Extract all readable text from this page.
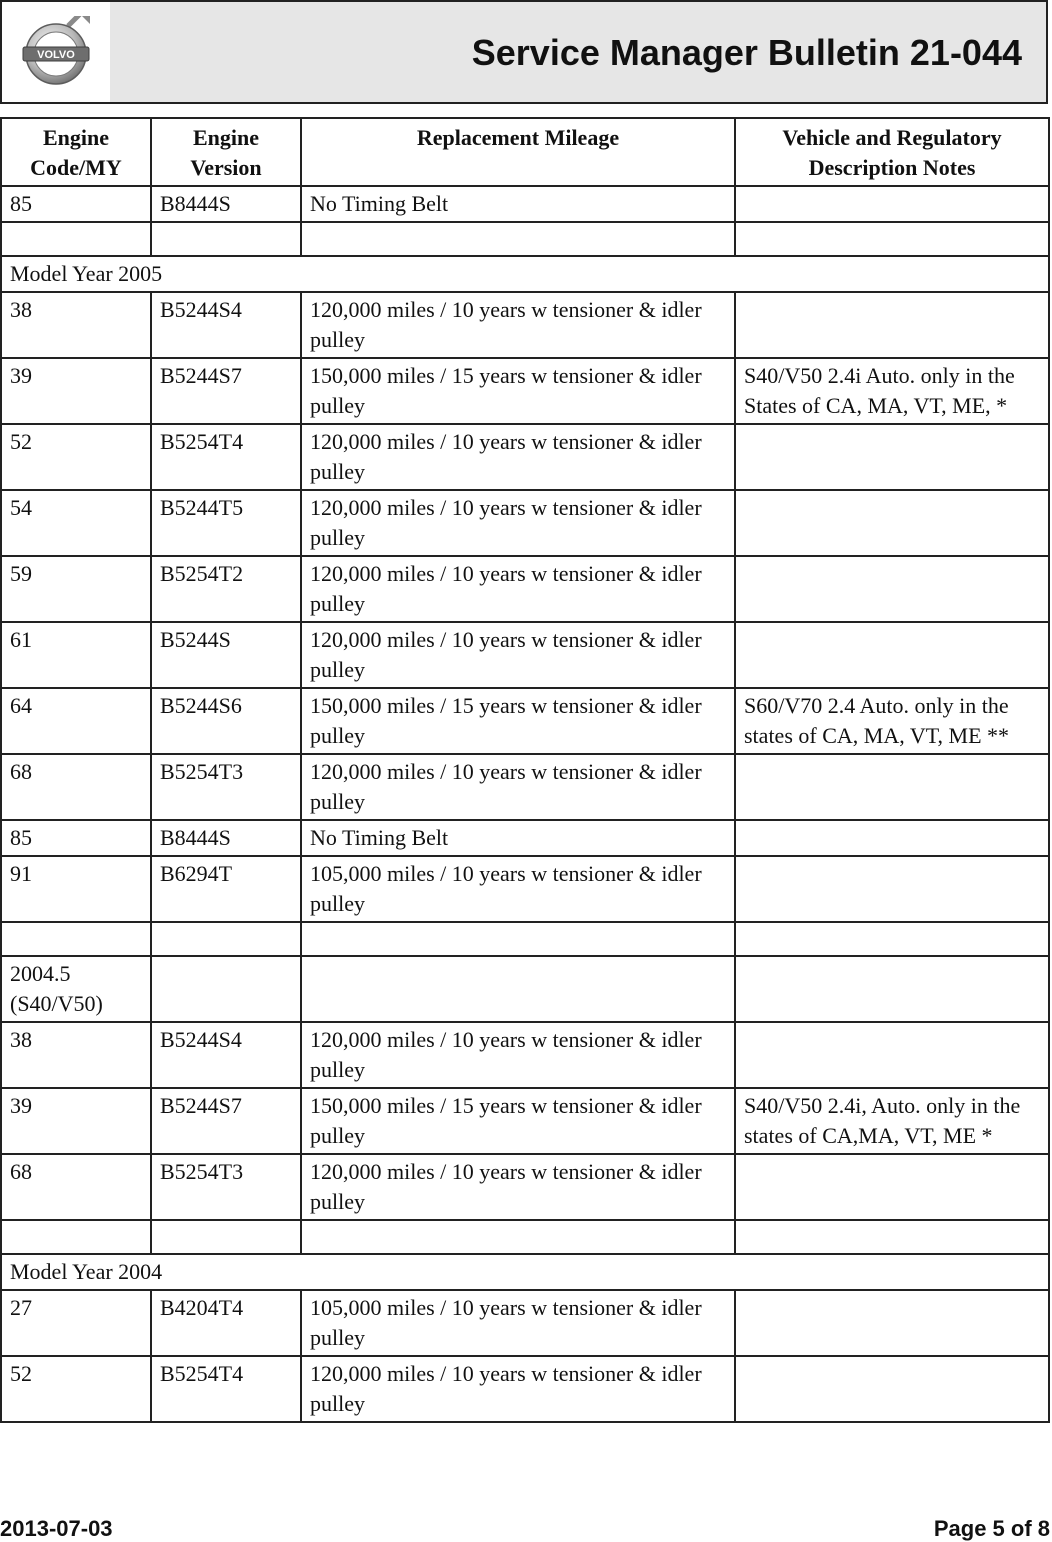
VOLVO	Service Manager Bulletin 21-044
Engine Code/MY	Engine Version	Replacement Mileage	Vehicle and Regulatory Description Notes
85	B8444S	No Timing Belt	

Model Year 2005			
38	B5244S4	120,000 miles / 10 years w tensioner & idler pulley	
39	B5244S7	150,000 miles / 15 years w tensioner & idler pulley	S40/V50 2.4i Auto. only in the States of CA, MA, VT, ME, *
52	B5254T4	120,000 miles / 10 years w tensioner & idler pulley	
54	B5244T5	120,000 miles / 10 years w tensioner & idler pulley	
59	B5254T2	120,000 miles / 10 years w tensioner & idler pulley	
61	B5244S	120,000 miles / 10 years w tensioner & idler pulley	
64	B5244S6	150,000 miles / 15 years w tensioner & idler pulley	S60/V70 2.4 Auto. only in the states of CA, MA, VT, ME **
68	B5254T3	120,000 miles / 10 years w tensioner & idler pulley	
85	B8444S	No Timing Belt	
91	B6294T	105,000 miles / 10 years w tensioner & idler pulley	

2004.5 (S40/V50)			
38	B5244S4	120,000 miles / 10 years w tensioner & idler pulley	
39	B5244S7	150,000 miles / 15 years w tensioner & idler pulley	S40/V50 2.4i, Auto. only in the states of CA,MA, VT, ME *
68	B5254T3	120,000 miles / 10 years w tensioner & idler pulley	

Model Year 2004			
27	B4204T4	105,000 miles / 10 years w tensioner & idler pulley	
52	B5254T4	120,000 miles / 10 years w tensioner & idler pulley	
2013-07-03	Page 5 of 8
